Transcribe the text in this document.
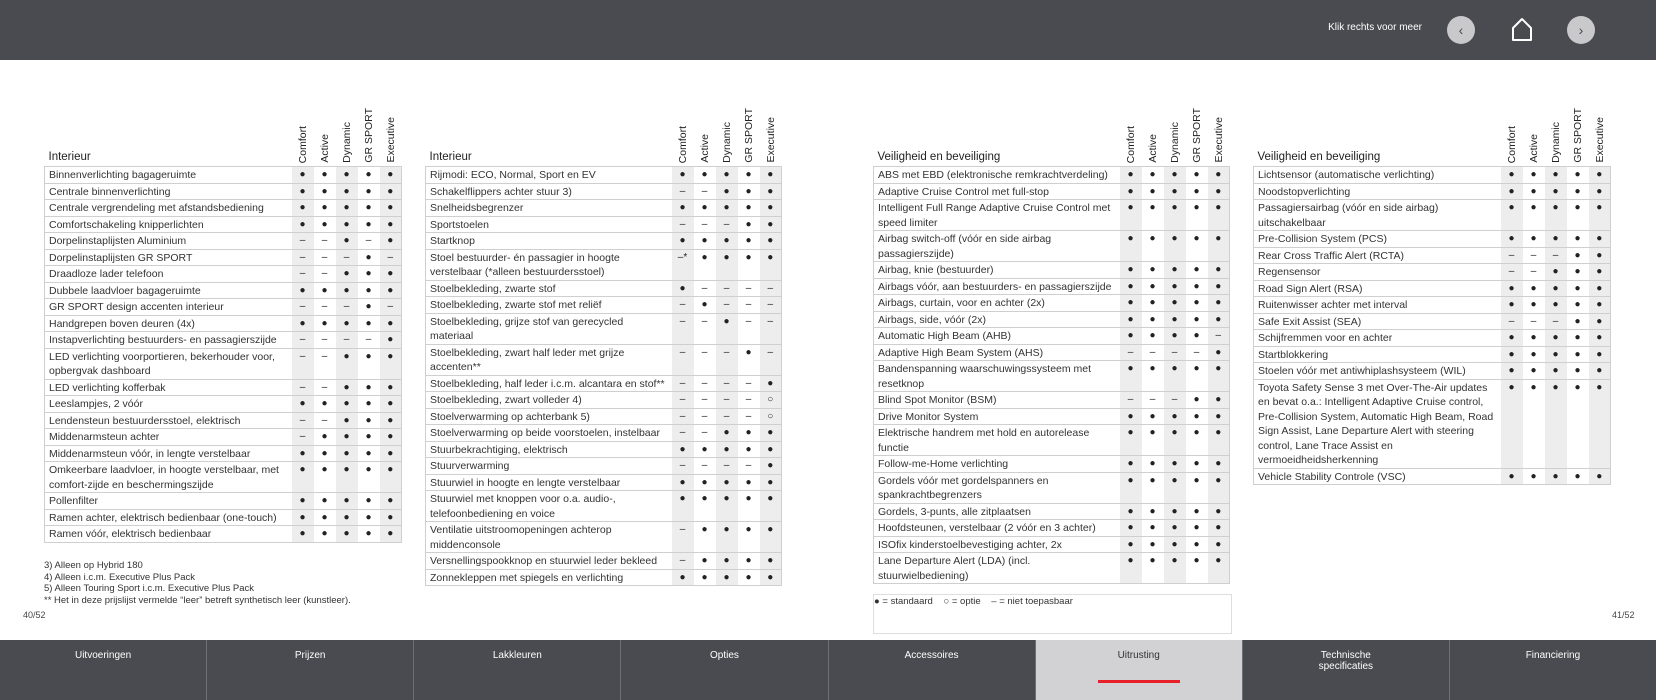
Klik rechts voor meer	‹	›
Interieur	Comfort	Active	Dynamic	GR SPORT	Executive

Binnenverlichting bagageruimte	●	●	●	●	●
Centrale binnenverlichting	●	●	●	●	●
Centrale vergrendeling met afstandsbediening	●	●	●	●	●
Comfortschakeling knipperlichten	●	●	●	●	●
Dorpelinstaplijsten Aluminium	–	–	●	–	●
Dorpelinstaplijsten GR SPORT	–	–	–	●	–
Draadloze lader telefoon	–	–	●	●	●
Dubbele laadvloer bagageruimte	●	●	●	●	●
GR SPORT design accenten interieur	–	–	–	●	–
Handgrepen boven deuren (4x)	●	●	●	●	●
Instapverlichting bestuurders- en passagierszijde	–	–	–	–	●
LED verlichting voorportieren, bekerhouder voor, opbergvak dashboard	–	–	●	●	●
LED verlichting kofferbak	–	–	●	●	●
Leeslampjes, 2 vóór	●	●	●	●	●
Lendensteun bestuurdersstoel, elektrisch	–	–	●	●	●
Middenarmsteun achter	–	●	●	●	●
Middenarmsteun vóór, in lengte verstelbaar	●	●	●	●	●
Omkeerbare laadvloer, in hoogte verstelbaar, met comfort-zijde en beschermingszijde	●	●	●	●	●
Pollenfilter	●	●	●	●	●
Ramen achter, elektrisch bedienbaar (one-touch)	●	●	●	●	●
Ramen vóór, elektrisch bedienbaar	●	●	●	●	●
Interieur	Comfort	Active	Dynamic	GR SPORT	Executive

Rijmodi: ECO, Normal, Sport en EV	●	●	●	●	●
Schakelflippers achter stuur 3)	–	–	●	●	●
Snelheidsbegrenzer	●	●	●	●	●
Sportstoelen	–	–	–	●	●
Startknop	●	●	●	●	●
Stoel bestuurder- én passagier in hoogte verstelbaar (*alleen bestuurdersstoel)	–*	●	●	●	●
Stoelbekleding, zwarte stof	●	–	–	–	–
Stoelbekleding, zwarte stof met reliëf	–	●	–	–	–
Stoelbekleding, grijze stof van gerecycled materiaal	–	–	●	–	–
Stoelbekleding, zwart half leder met grijze accenten**	–	–	–	●	–
Stoelbekleding, half leder i.c.m. alcantara en stof**	–	–	–	–	●
Stoelbekleding, zwart volleder 4)	–	–	–	–	○
Stoelverwarming op achterbank 5)	–	–	–	–	○
Stoelverwarming op beide voorstoelen, instelbaar	–	–	●	●	●
Stuurbekrachtiging, elektrisch	●	●	●	●	●
Stuurverwarming	–	–	–	–	●
Stuurwiel in hoogte en lengte verstelbaar	●	●	●	●	●
Stuurwiel met knoppen voor o.a. audio-, telefoonbediening en voice	●	●	●	●	●
Ventilatie uitstroomopeningen achterop middenconsole	–	●	●	●	●
Versnellingspookknop en stuurwiel leder bekleed	–	●	●	●	●
Zonnekleppen met spiegels en verlichting	●	●	●	●	●
Veiligheid en beveiliging	Comfort	Active	Dynamic	GR SPORT	Executive

ABS met EBD (elektronische remkrachtverdeling)	●	●	●	●	●
Adaptive Cruise Control met full-stop	●	●	●	●	●
Intelligent Full Range Adaptive Cruise Control met speed limiter	●	●	●	●	●
Airbag switch-off (vóór en side airbag passagierszijde)	●	●	●	●	●
Airbag, knie (bestuurder)	●	●	●	●	●
Airbags vóór, aan bestuurders- en passagierszijde	●	●	●	●	●
Airbags, curtain, voor en achter (2x)	●	●	●	●	●
Airbags, side, vóór (2x)	●	●	●	●	●
Automatic High Beam (AHB)	●	●	●	●	–
Adaptive High Beam System (AHS)	–	–	–	–	●
Bandenspanning waarschuwingssysteem met resetknop	●	●	●	●	●
Blind Spot Monitor (BSM)	–	–	–	●	●
Drive Monitor System	●	●	●	●	●
Elektrische handrem met hold en autorelease functie	●	●	●	●	●
Follow-me-Home verlichting	●	●	●	●	●
Gordels vóór met gordelspanners en spankrachtbegrenzers	●	●	●	●	●
Gordels, 3-punts, alle zitplaatsen	●	●	●	●	●
Hoofdsteunen, verstelbaar (2 vóór en 3 achter)	●	●	●	●	●
ISOfix kinderstoelbevestiging achter, 2x	●	●	●	●	●
Lane Departure Alert (LDA) (incl. stuurwielbediening)	●	●	●	●	●
Veiligheid en beveiliging	Comfort	Active	Dynamic	GR SPORT	Executive

Lichtsensor (automatische verlichting)	●	●	●	●	●
Noodstopverlichting	●	●	●	●	●
Passagiersairbag (vóór en side airbag) uitschakelbaar	●	●	●	●	●
Pre-Collision System (PCS)	●	●	●	●	●
Rear Cross Traffic Alert (RCTA)	–	–	–	●	●
Regensensor	–	–	●	●	●
Road Sign Alert (RSA)	●	●	●	●	●
Ruitenwisser achter met interval	●	●	●	●	●
Safe Exit Assist (SEA)	–	–	–	●	●
Schijfremmen voor en achter	●	●	●	●	●
Startblokkering	●	●	●	●	●
Stoelen vóór met antiwhiplashsysteem (WIL)	●	●	●	●	●
Toyota Safety Sense 3 met Over-The-Air updates en bevat o.a.: Intelligent Adaptive Cruise control, Pre-Collision System, Automatic High Beam, Road Sign Assist, Lane Departure Alert with steering control, Lane Trace Assist en vermoeidheidsherkenning	●	●	●	●	●
Vehicle Stability Controle (VSC)	●	●	●	●	●
3) Alleen op Hybrid 180
4) Alleen i.c.m. Executive Plus Pack
5) Alleen Touring Sport i.c.m. Executive Plus Pack
** Het in deze prijslijst vermelde “leer” betreft synthetisch leer (kunstleer).
40/52	41/52
● = standaard ○ = optie – = niet toepasbaar
Uitvoeringen	Prijzen	Lakkleuren	Opties	Accessoires	Uitrusting	Technische specificaties
Financiering
